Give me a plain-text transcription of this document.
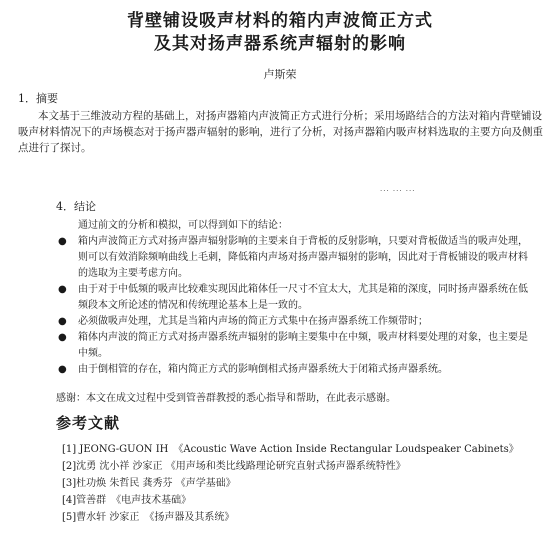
背壁铺设吸声材料的箱内声波简正方式
及其对扬声器系统声辐射的影响
卢斯荣
1．摘要

本文基于三维波动方程的基础上，对扬声器箱内声波简正方式进行分析；采用场路结合的方法对箱内背壁铺设吸声材料情况下的声场模态对于扬声器声辐射的影响，进行了分析，对扬声器箱内吸声材料选取的主要方向及侧重点进行了探讨。

··· ··· ···
4．结论
通过前文的分析和模拟，可以得到如下的结论：
● 箱内声波简正方式对扬声器声辐射影响的主要来自于背板的反射影响，只要对背板做适当的吸声处理，则可以有效消除频响曲线上毛刺，降低箱内声场对扬声器声辐射的影响，因此对于背板铺设的吸声材料的选取为主要考虑方向。
● 由于对于中低频的吸声比较难实现因此箱体任一尺寸不宜太大，尤其是箱的深度，同时扬声器系统在低频段本文所论述的情况和传统理论基本上是一致的。
● 必须做吸声处理，尤其是当箱内声场的简正方式集中在扬声器系统工作频带时；
● 箱体内声波的简正方式对扬声器系统声辐射的影响主要集中在中频，吸声材料要处理的对象，也主要是中频。
● 由于倒相管的存在，箱内简正方式的影响倒相式扬声器系统大于闭箱式扬声器系统。
感谢：本文在成文过程中受到管善群教授的悉心指导和帮助，在此表示感谢。
参考文献
[1] JEONG-GUON IH　《Acoustic Wave Action Inside Rectangular Loudspeaker Cabinets》
[2]沈勇 沈小祥 沙家正 《用声场和类比线路理论研究直射式扬声器系统特性》
[3]杜功焕 朱哲民 龚秀芬 《声学基础》
[4]管善群　《电声技术基础》
[5]曹水轩 沙家正　《扬声器及其系统》
